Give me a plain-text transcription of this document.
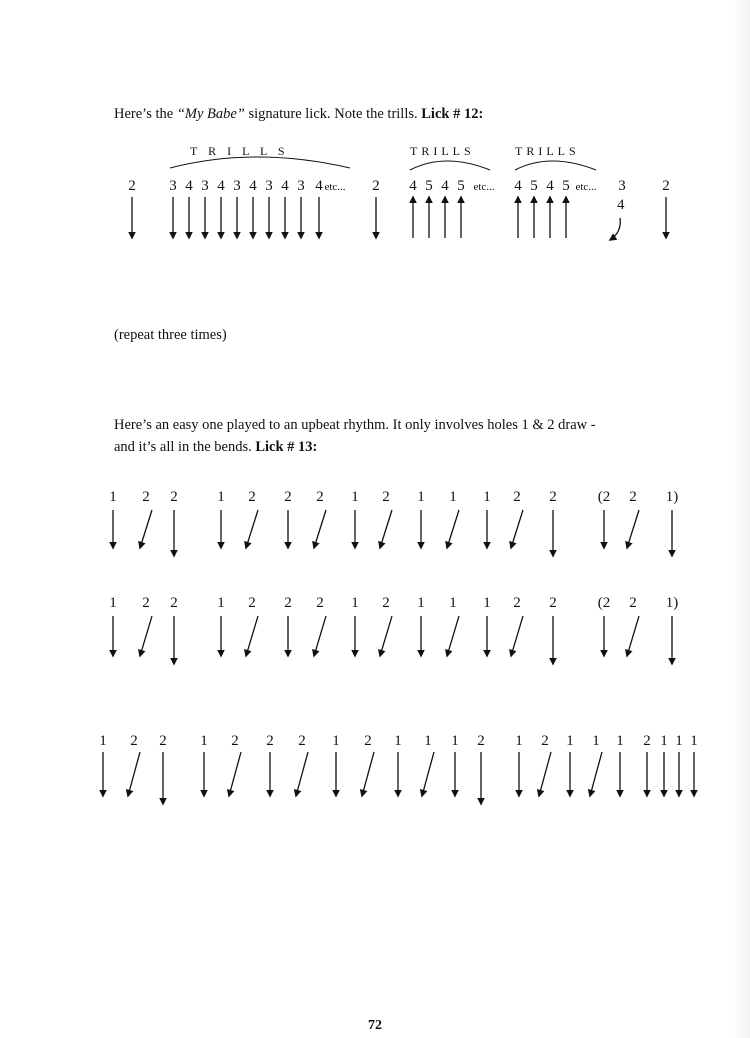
Here’s the “My Babe” signature lick. Note the trills. Lick # 12:

(repeat three times)

Here’s an easy one played to an upbeat rhythm. It only involves holes 1 & 2 draw -
and it’s all in the bends. Lick # 13:

T R I L L S	TRILLS	TRILLS
4
2 3 4 3 4 3 4 3 4 3 4 etc... 2 4 5 4 5 etc... 4 5 4 5 etc... 3 2
1 2 2	1 2 2 2 1 2 1 1 1 2 2	(2 2 1)
1 2 2	1 2 2 2 1 2 1 1 1 2 2	(2 2 1)
1 2 2 1 2 2 2 1 2 1 1 1 2 1 2 1 1 1 2 1 1 1
72
